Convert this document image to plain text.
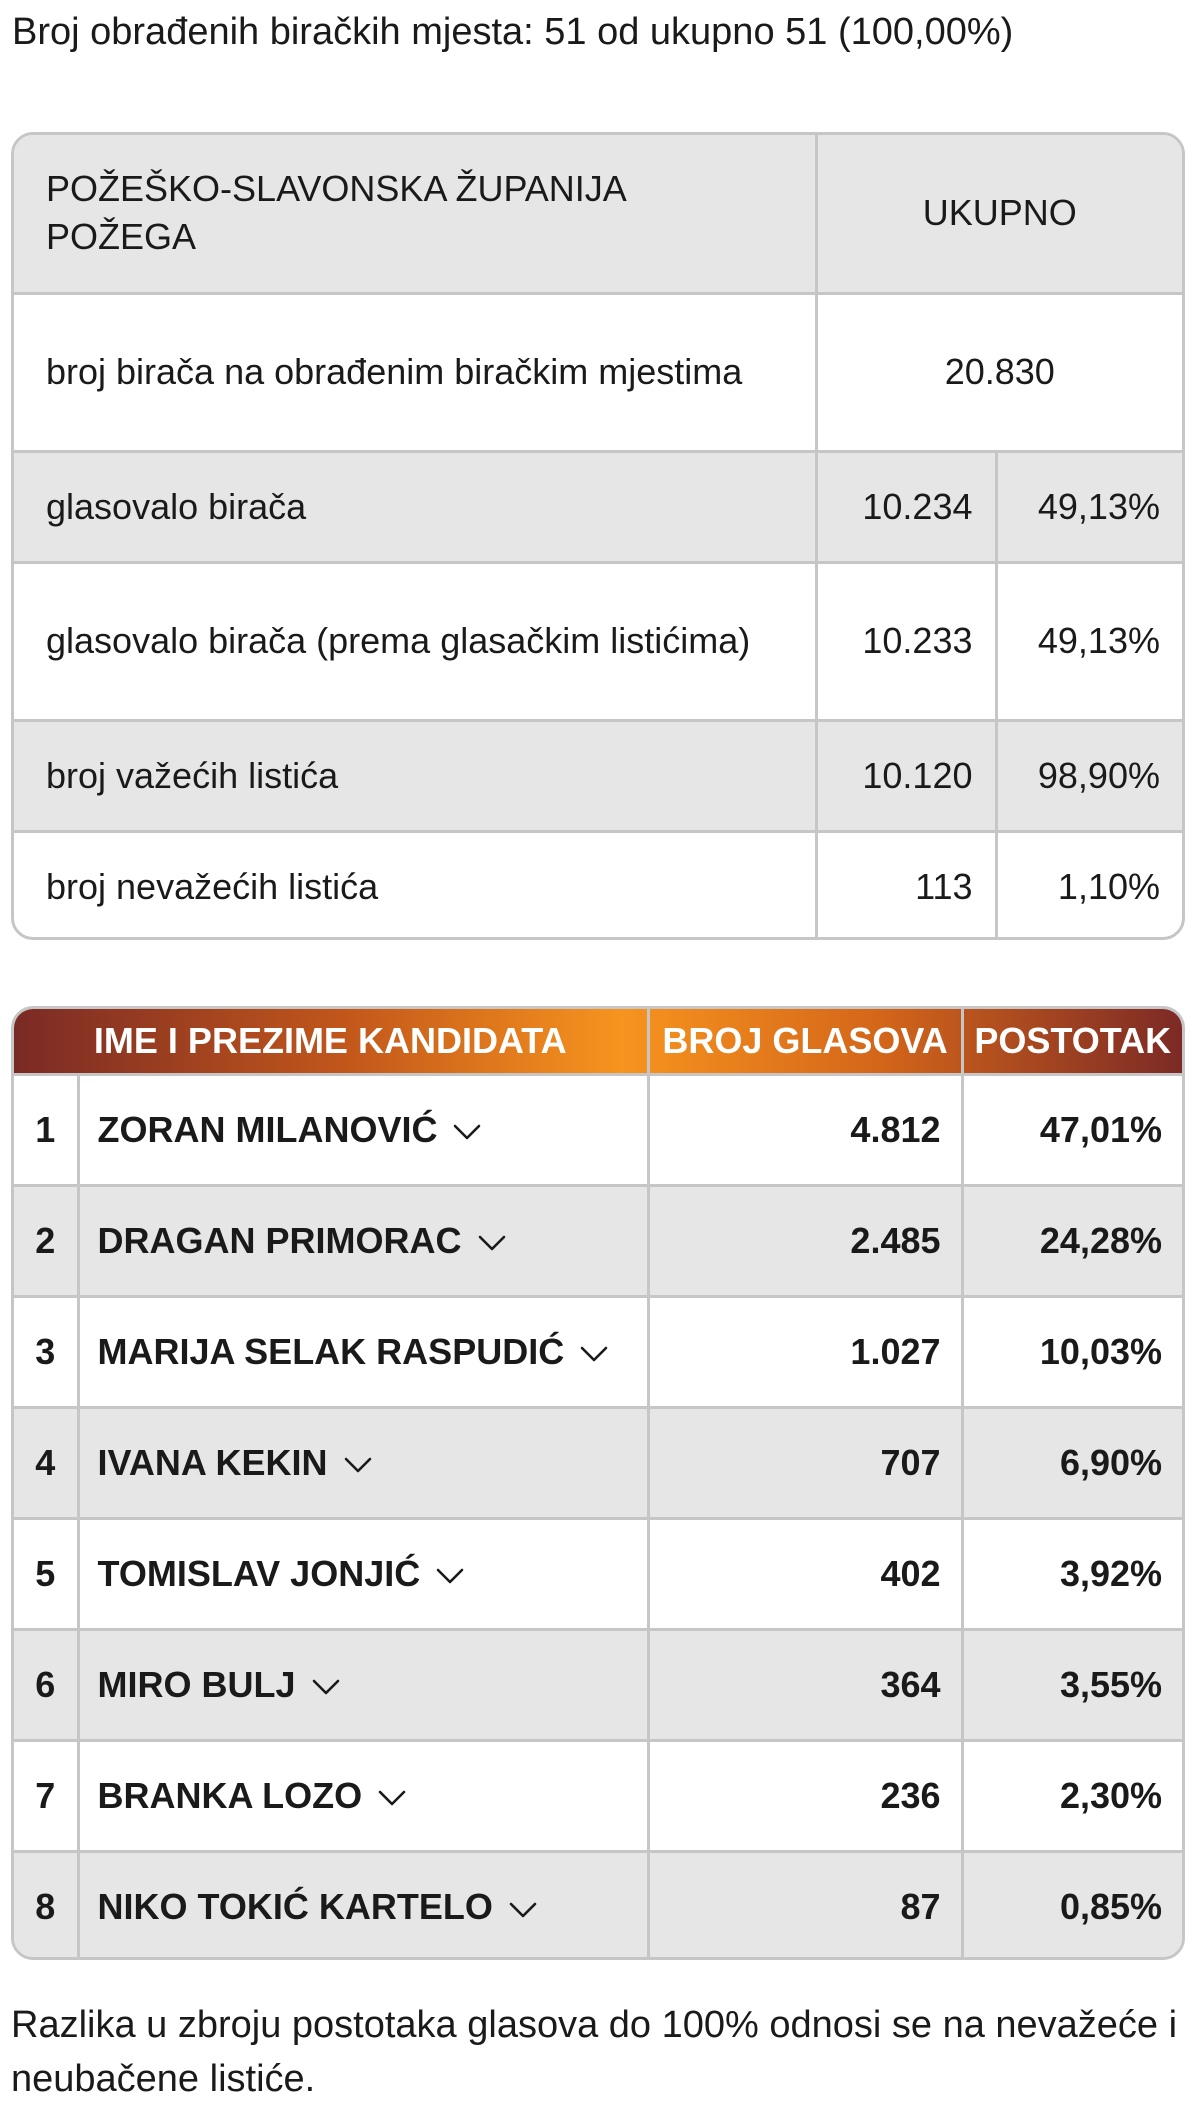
Broj obrađenih biračkih mjesta: 51 od ukupno 51 (100,00%)
POŽEŠKO-SLAVONSKA ŽUPANIJA
POŽEGA	UKUPNO	
broj birača na obrađenim biračkim mjestima	20.830	
glasovalo birača	10.234	49,13%
glasovalo birača (prema glasačkim listićima)	10.233	49,13%
broj važećih listića	10.120	98,90%
broj nevažećih listića	113	1,10%
IME I PREZIME KANDIDATA		BROJ GLASOVA	POSTOTAK
1	ZORAN MILANOVIĆ	4.812	47,01%
2	DRAGAN PRIMORAC	2.485	24,28%
3	MARIJA SELAK RASPUDIĆ	1.027	10,03%
4	IVANA KEKIN	707	6,90%
5	TOMISLAV JONJIĆ	402	3,92%
6	MIRO BULJ	364	3,55%
7	BRANKA LOZO	236	2,30%
8	NIKO TOKIĆ KARTELO	87	0,85%
Razlika u zbroju postotaka glasova do 100% odnosi se na nevažeće i neubačene listiće.
